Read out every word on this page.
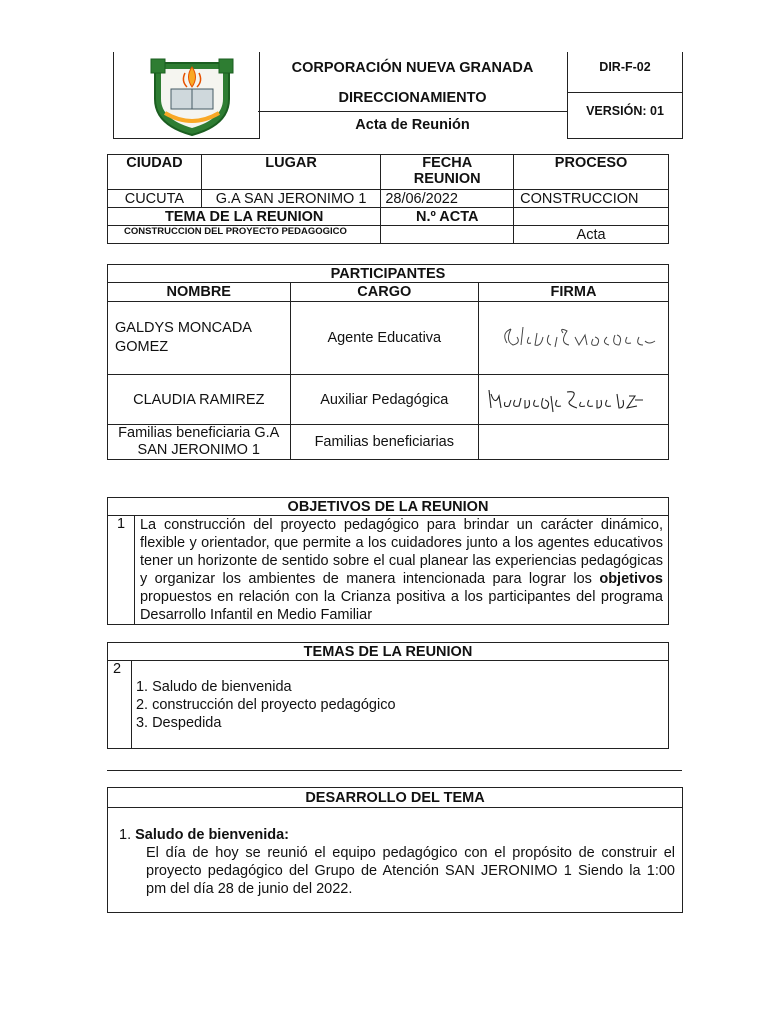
CORPORACIÓN NUEVA GRANADA
DIRECCIONAMIENTO
Acta de Reunión
DIR-F-02
VERSIÓN: 01
CIUDAD	LUGAR	FECHA REUNION	PROCESO
CUCUTA	G.A SAN JERONIMO 1	28/06/2022	CONSTRUCCION
TEMA DE LA REUNION		N.º ACTA	
CONSTRUCCION DEL PROYECTO PEDAGOGICO			Acta
PARTICIPANTES		
NOMBRE	CARGO	FIRMA
GALDYS MONCADA GOMEZ	Agente Educativa	

CLAUDIA RAMIREZ	Auxiliar Pedagógica	

Familias beneficiaria G.A SAN JERONIMO 1	Familias beneficiarias	
OBJETIVOS DE LA REUNION
1	La construcción del proyecto pedagógico para brindar un carácter dinámico, flexible y orientador, que permite a los cuidadores junto a los agentes educativos tener un horizonte de sentido sobre el cual planear las experiencias pedagógicas y organizar los ambientes de manera intencionada para lograr los objetivos propuestos en relación con la Crianza positiva a los participantes del programa Desarrollo Infantil en Medio Familiar
TEMAS DE LA REUNION
2	
1. Saludo de bienvenida
2. construcción del proyecto pedagógico
3. Despedida
DESARROLLO DEL TEMA

1. Saludo de bienvenida:
El día de hoy se reunió el equipo pedagógico con el propósito de construir el proyecto pedagógico del Grupo de Atención SAN JERONIMO 1 Siendo la 1:00 pm del día 28 de junio del 2022.
